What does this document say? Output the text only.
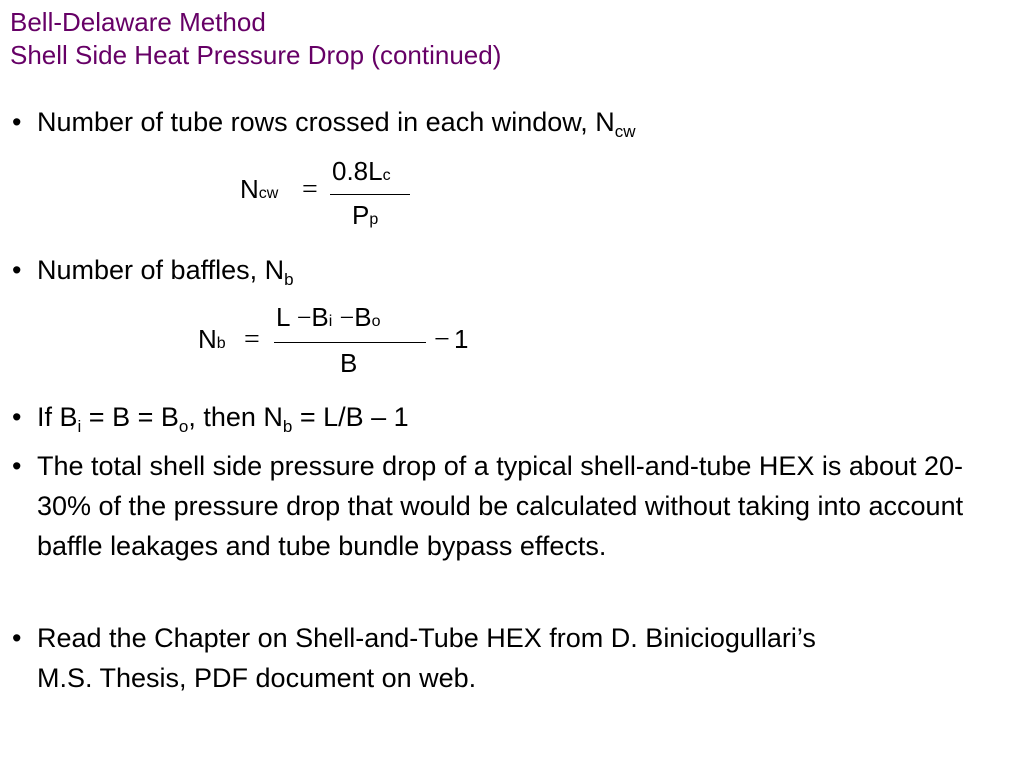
Bell-Delaware Method
Shell Side Heat Pressure Drop (continued)
• Number of tube rows crossed in each window, $N_{cw}$
Ncw =
0.8Lc
Pp
• Number of baffles, $N_b$
Nb =
L −Bi −Bo
B
− 1
• If $B_i = B = B_o$, then $N_b = L/B - 1$
• The total shell side pressure drop of a typical shell-and-tube HEX is about 20-30% of the pressure drop that would be calculated without taking into account baffle leakages and tube bundle bypass effects.
• Read the Chapter on Shell-and-Tube HEX from D. Biniciogullari’s M.S. Thesis, PDF document on web.
